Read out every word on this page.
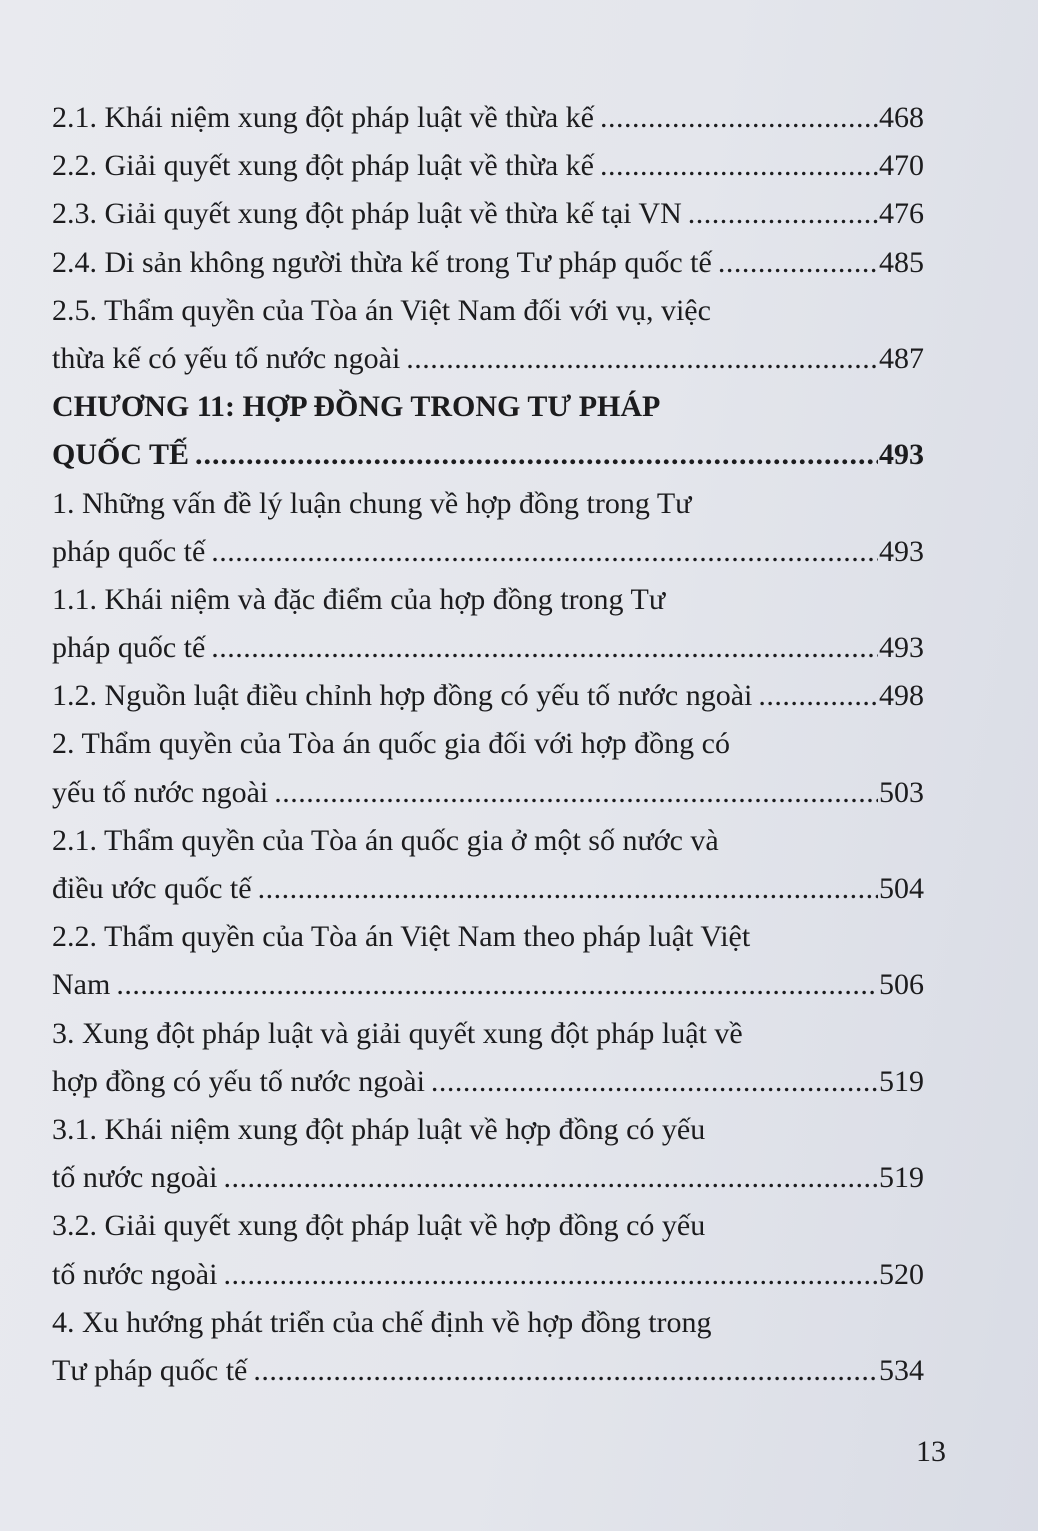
2.1. Khái niệm xung đột pháp luật về thừa kế .....	468
2.2. Giải quyết xung đột pháp luật về thừa kế .....	470
2.3. Giải quyết xung đột pháp luật về thừa kế tại VN .....	476
2.4. Di sản không người thừa kế trong Tư pháp quốc tế .....	485
2.5. Thẩm quyền của Tòa án Việt Nam đối với vụ, việc
thừa kế có yếu tố nước ngoài .....	487
CHƯƠNG 11: HỢP ĐỒNG TRONG TƯ PHÁP
QUỐC TẾ .....	493
1. Những vấn đề lý luận chung về hợp đồng trong Tư
pháp quốc tế .....	493
1.1. Khái niệm và đặc điểm của hợp đồng trong Tư
pháp quốc tế .....	493
1.2. Nguồn luật điều chỉnh hợp đồng có yếu tố nước ngoài .....	498
2. Thẩm quyền của Tòa án quốc gia đối với hợp đồng có
yếu tố nước ngoài .....	503
2.1. Thẩm quyền của Tòa án quốc gia ở một số nước và
điều ước quốc tế .....	504
2.2. Thẩm quyền của Tòa án Việt Nam theo pháp luật Việt
Nam .....	506
3. Xung đột pháp luật và giải quyết xung đột pháp luật về
hợp đồng có yếu tố nước ngoài .....	519
3.1. Khái niệm xung đột pháp luật về hợp đồng có yếu
tố nước ngoài .....	519
3.2. Giải quyết xung đột pháp luật về hợp đồng có yếu
tố nước ngoài .....	520
4. Xu hướng phát triển của chế định về hợp đồng trong
Tư pháp quốc tế .....	534
13
